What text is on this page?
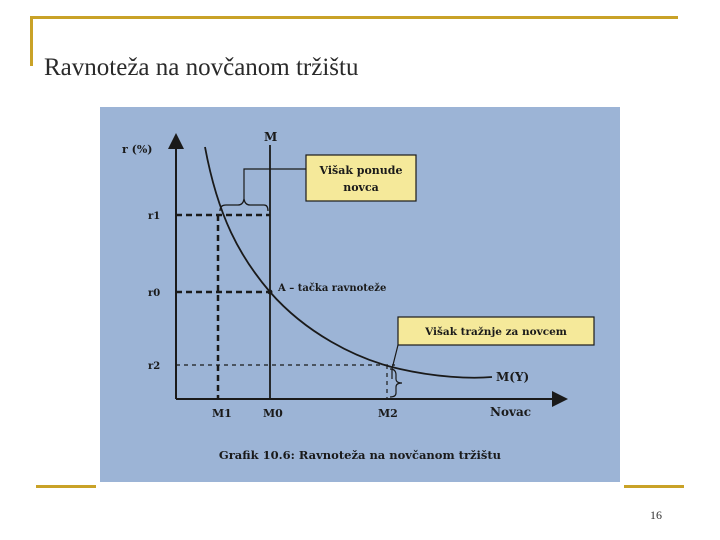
Ravnoteža na novčanom tržištu
r (%)
Novac
M
M(Y)
r1
r0
r2
M1	M0	M2
Višak ponude
novca
A – tačka ravnoteže
Višak tražnje za novcem
Grafik 10.6: Ravnoteža na novčanom tržištu
16
